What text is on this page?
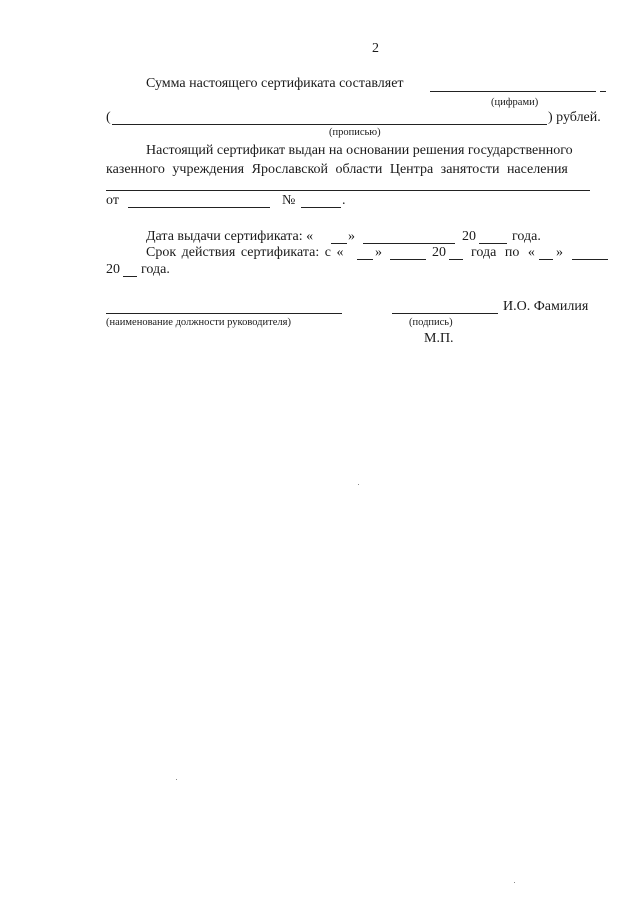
2
Сумма настоящего сертификата составляет
(цифрами)
(	) рублей.
(прописью)
Настоящий сертификат выдан на основании решения государственного
казенного учреждения Ярославской области Центра занятости населения
от	№	.
Дата выдачи сертификата: « »	20	года.
Срок действия сертификата: с « »	20 года по « »
20 года.
(наименование должности руководителя)
И.О. Фамилия
(подпись)
М.П.
